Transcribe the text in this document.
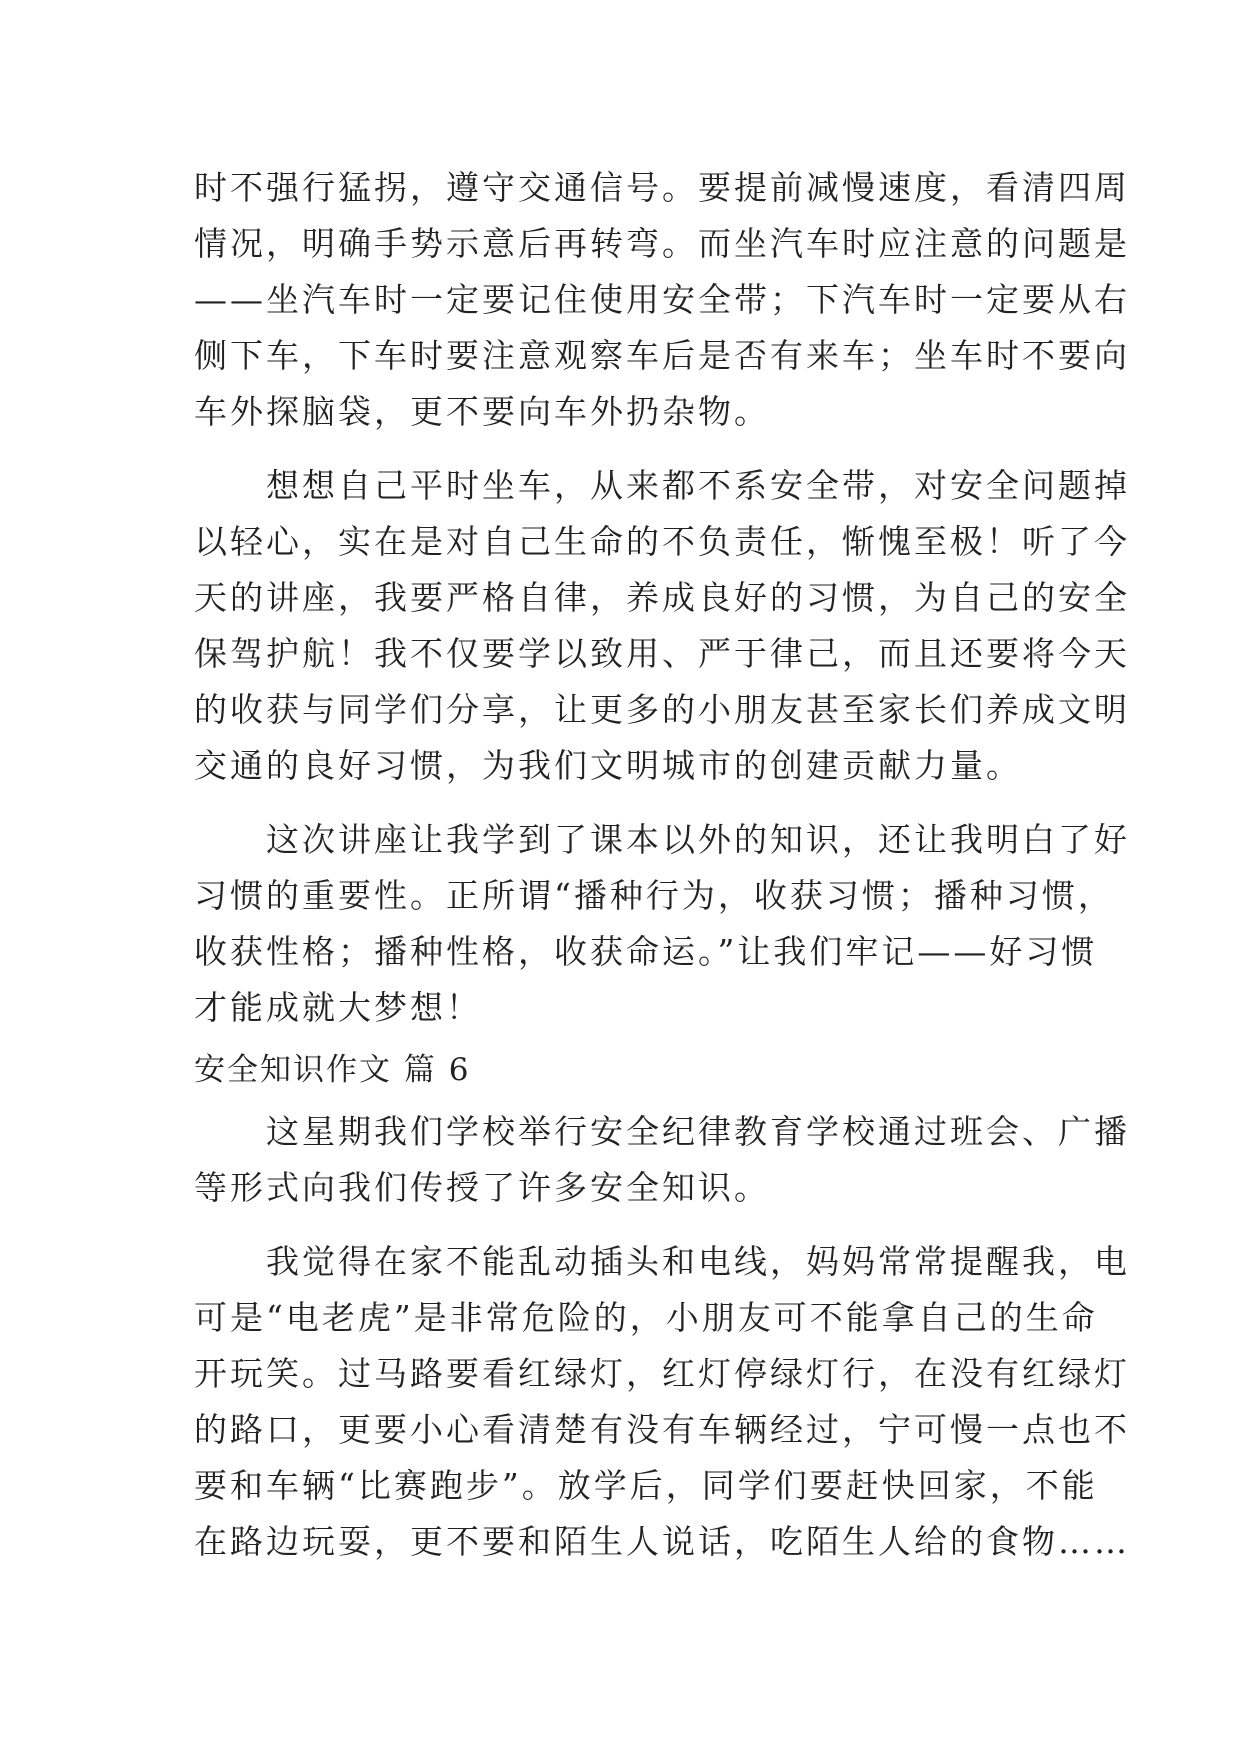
时不强行猛拐，遵守交通信号。要提前减慢速度，看清四周
情况，明确手势示意后再转弯。而坐汽车时应注意的问题是
——坐汽车时一定要记住使用安全带；下汽车时一定要从右
侧下车，下车时要注意观察车后是否有来车；坐车时不要向
车外探脑袋，更不要向车外扔杂物。
　　想想自己平时坐车，从来都不系安全带，对安全问题掉
以轻心，实在是对自己生命的不负责任，惭愧至极！听了今
天的讲座，我要严格自律，养成良好的习惯，为自己的安全
保驾护航！我不仅要学以致用、严于律己，而且还要将今天
的收获与同学们分享，让更多的小朋友甚至家长们养成文明
交通的良好习惯，为我们文明城市的创建贡献力量。
　　这次讲座让我学到了课本以外的知识，还让我明白了好
习惯的重要性。正所谓“播种行为，收获习惯；播种习惯，
收获性格；播种性格，收获命运。”让我们牢记——好习惯
才能成就大梦想！
安全知识作文 篇 6
　　这星期我们学校举行安全纪律教育学校通过班会、广播
等形式向我们传授了许多安全知识。
　　我觉得在家不能乱动插头和电线，妈妈常常提醒我，电
可是“电老虎”是非常危险的，小朋友可不能拿自己的生命
开玩笑。过马路要看红绿灯，红灯停绿灯行，在没有红绿灯
的路口，更要小心看清楚有没有车辆经过，宁可慢一点也不
要和车辆“比赛跑步”。放学后，同学们要赶快回家，不能
在路边玩耍，更不要和陌生人说话，吃陌生人给的食物……
